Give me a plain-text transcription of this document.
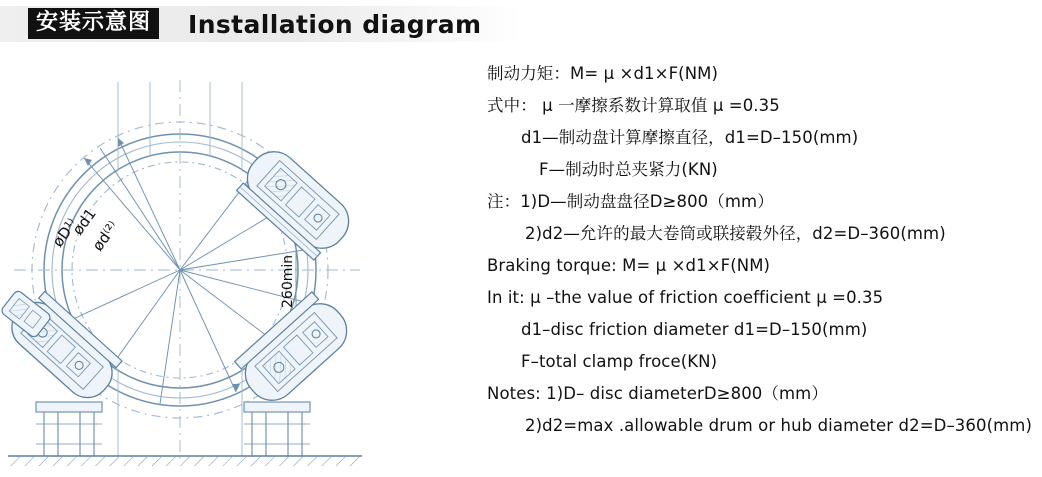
安装示意图	Installation diagram
øD¹⁾
ød1
ød⁽²⁾
260min
制动力矩：M= μ ×d1×F(NM)
式中： μ 一摩擦系数计算取值 μ =0.35
d1—制动盘计算摩擦直径，d1=D–150(mm)
F—制动时总夹紧力(KN)
注：1)D—制动盘盘径D≥800（mm）
2)d2—允许的最大卷筒或联接毂外径，d2=D–360(mm)
Braking torque: M= μ ×d1×F(NM)
In it: μ –the value of friction coefficient μ =0.35
d1–disc friction diameter d1=D–150(mm)
F–total clamp froce(KN)
Notes: 1)D– disc diameterD≥800（mm）
2)d2=max .allowable drum or hub diameter d2=D–360(mm)
